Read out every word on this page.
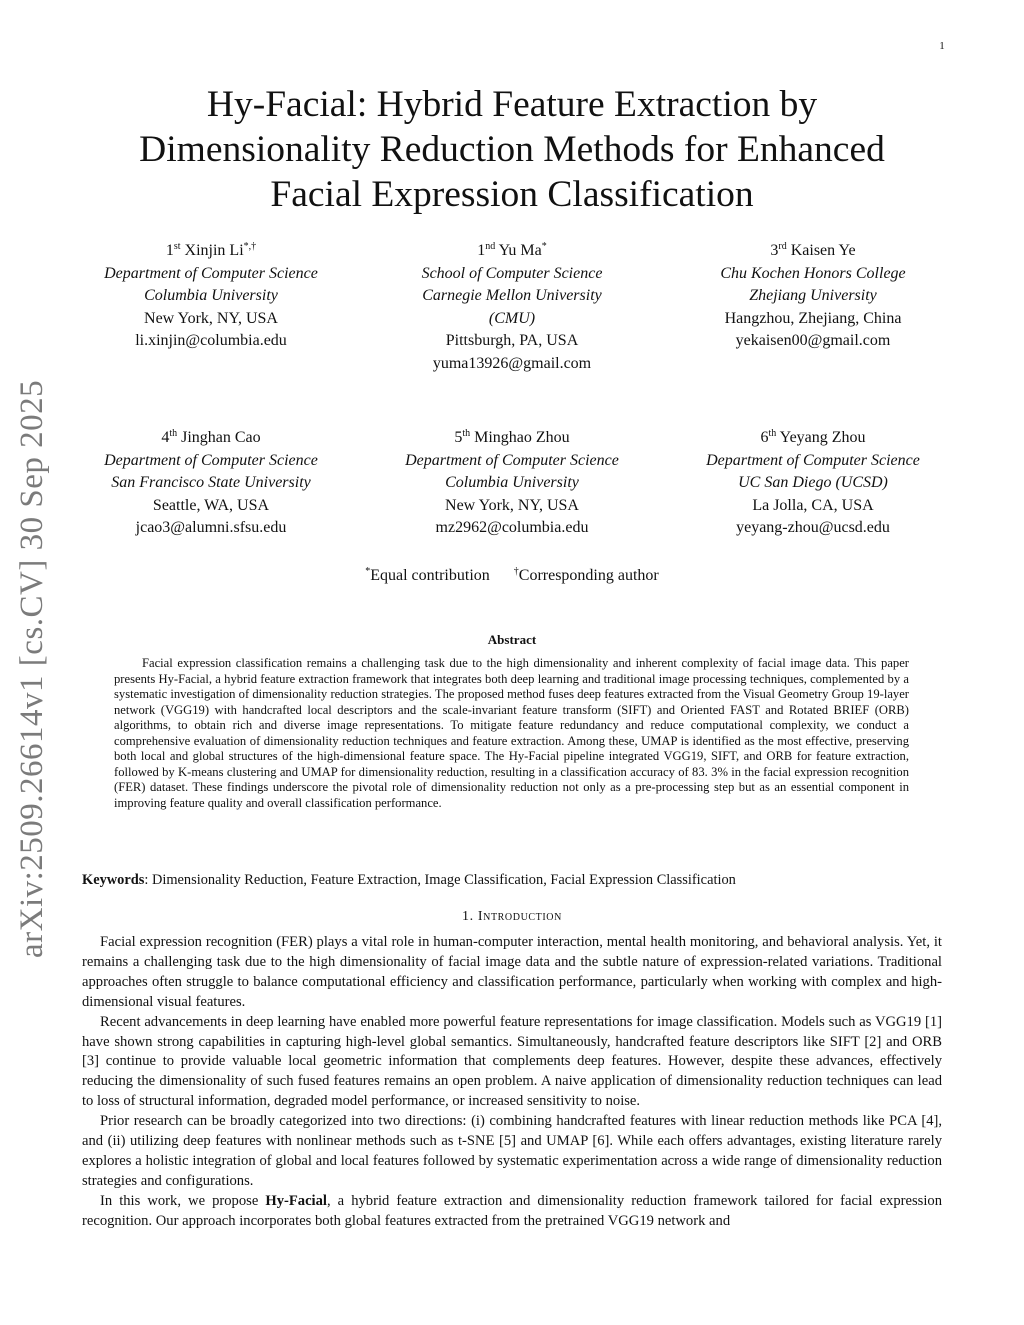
1
arXiv:2509.26614v1 [cs.CV] 30 Sep 2025
Hy-Facial: Hybrid Feature Extraction by
Dimensionality Reduction Methods for Enhanced
Facial Expression Classification
1st Xinjin Li*,†
Department of Computer Science
Columbia University
New York, NY, USA
li.xinjin@columbia.edu
1nd Yu Ma*
School of Computer Science
Carnegie Mellon University
(CMU)
Pittsburgh, PA, USA
yuma13926@gmail.com
3rd Kaisen Ye
Chu Kochen Honors College
Zhejiang University
Hangzhou, Zhejiang, China
yekaisen00@gmail.com
4th Jinghan Cao
Department of Computer Science
San Francisco State University
Seattle, WA, USA
jcao3@alumni.sfsu.edu
5th Minghao Zhou
Department of Computer Science
Columbia University
New York, NY, USA
mz2962@columbia.edu
6th Yeyang Zhou
Department of Computer Science
UC San Diego (UCSD)
La Jolla, CA, USA
yeyang-zhou@ucsd.edu
*Equal contribution †Corresponding author
Abstract

Facial expression classification remains a challenging task due to the high dimensionality and inherent complexity of facial image data. This paper presents Hy-Facial, a hybrid feature extraction framework that integrates both deep learning and traditional image processing techniques, complemented by a systematic investigation of dimensionality reduction strategies. The proposed method fuses deep features extracted from the Visual Geometry Group 19-layer network (VGG19) with handcrafted local descriptors and the scale-invariant feature transform (SIFT) and Oriented FAST and Rotated BRIEF (ORB) algorithms, to obtain rich and diverse image representations. To mitigate feature redundancy and reduce computational complexity, we conduct a comprehensive evaluation of dimensionality reduction techniques and feature extraction. Among these, UMAP is identified as the most effective, preserving both local and global structures of the high-dimensional feature space. The Hy-Facial pipeline integrated VGG19, SIFT, and ORB for feature extraction, followed by K-means clustering and UMAP for dimensionality reduction, resulting in a classification accuracy of 83. 3% in the facial expression recognition (FER) dataset. These findings underscore the pivotal role of dimensionality reduction not only as a pre-processing step but as an essential component in improving feature quality and overall classification performance.

Keywords: Dimensionality Reduction, Feature Extraction, Image Classification, Facial Expression Classification
1. Introduction

Facial expression recognition (FER) plays a vital role in human-computer interaction, mental health monitoring, and behavioral analysis. Yet, it remains a challenging task due to the high dimensionality of facial image data and the subtle nature of expression-related variations. Traditional approaches often struggle to balance computational efficiency and classification performance, particularly when working with complex and high-dimensional visual features.

Recent advancements in deep learning have enabled more powerful feature representations for image classification. Models such as VGG19 [1] have shown strong capabilities in capturing high-level global semantics. Simultaneously, handcrafted feature descriptors like SIFT [2] and ORB [3] continue to provide valuable local geometric information that complements deep features. However, despite these advances, effectively reducing the dimensionality of such fused features remains an open problem. A naive application of dimensionality reduction techniques can lead to loss of structural information, degraded model performance, or increased sensitivity to noise.

Prior research can be broadly categorized into two directions: (i) combining handcrafted features with linear reduction methods like PCA [4], and (ii) utilizing deep features with nonlinear methods such as t-SNE [5] and UMAP [6]. While each offers advantages, existing literature rarely explores a holistic integration of global and local features followed by systematic experimentation across a wide range of dimensionality reduction strategies and configurations.

In this work, we propose Hy-Facial, a hybrid feature extraction and dimensionality reduction framework tailored for facial expression recognition. Our approach incorporates both global features extracted from the pretrained VGG19 network and
